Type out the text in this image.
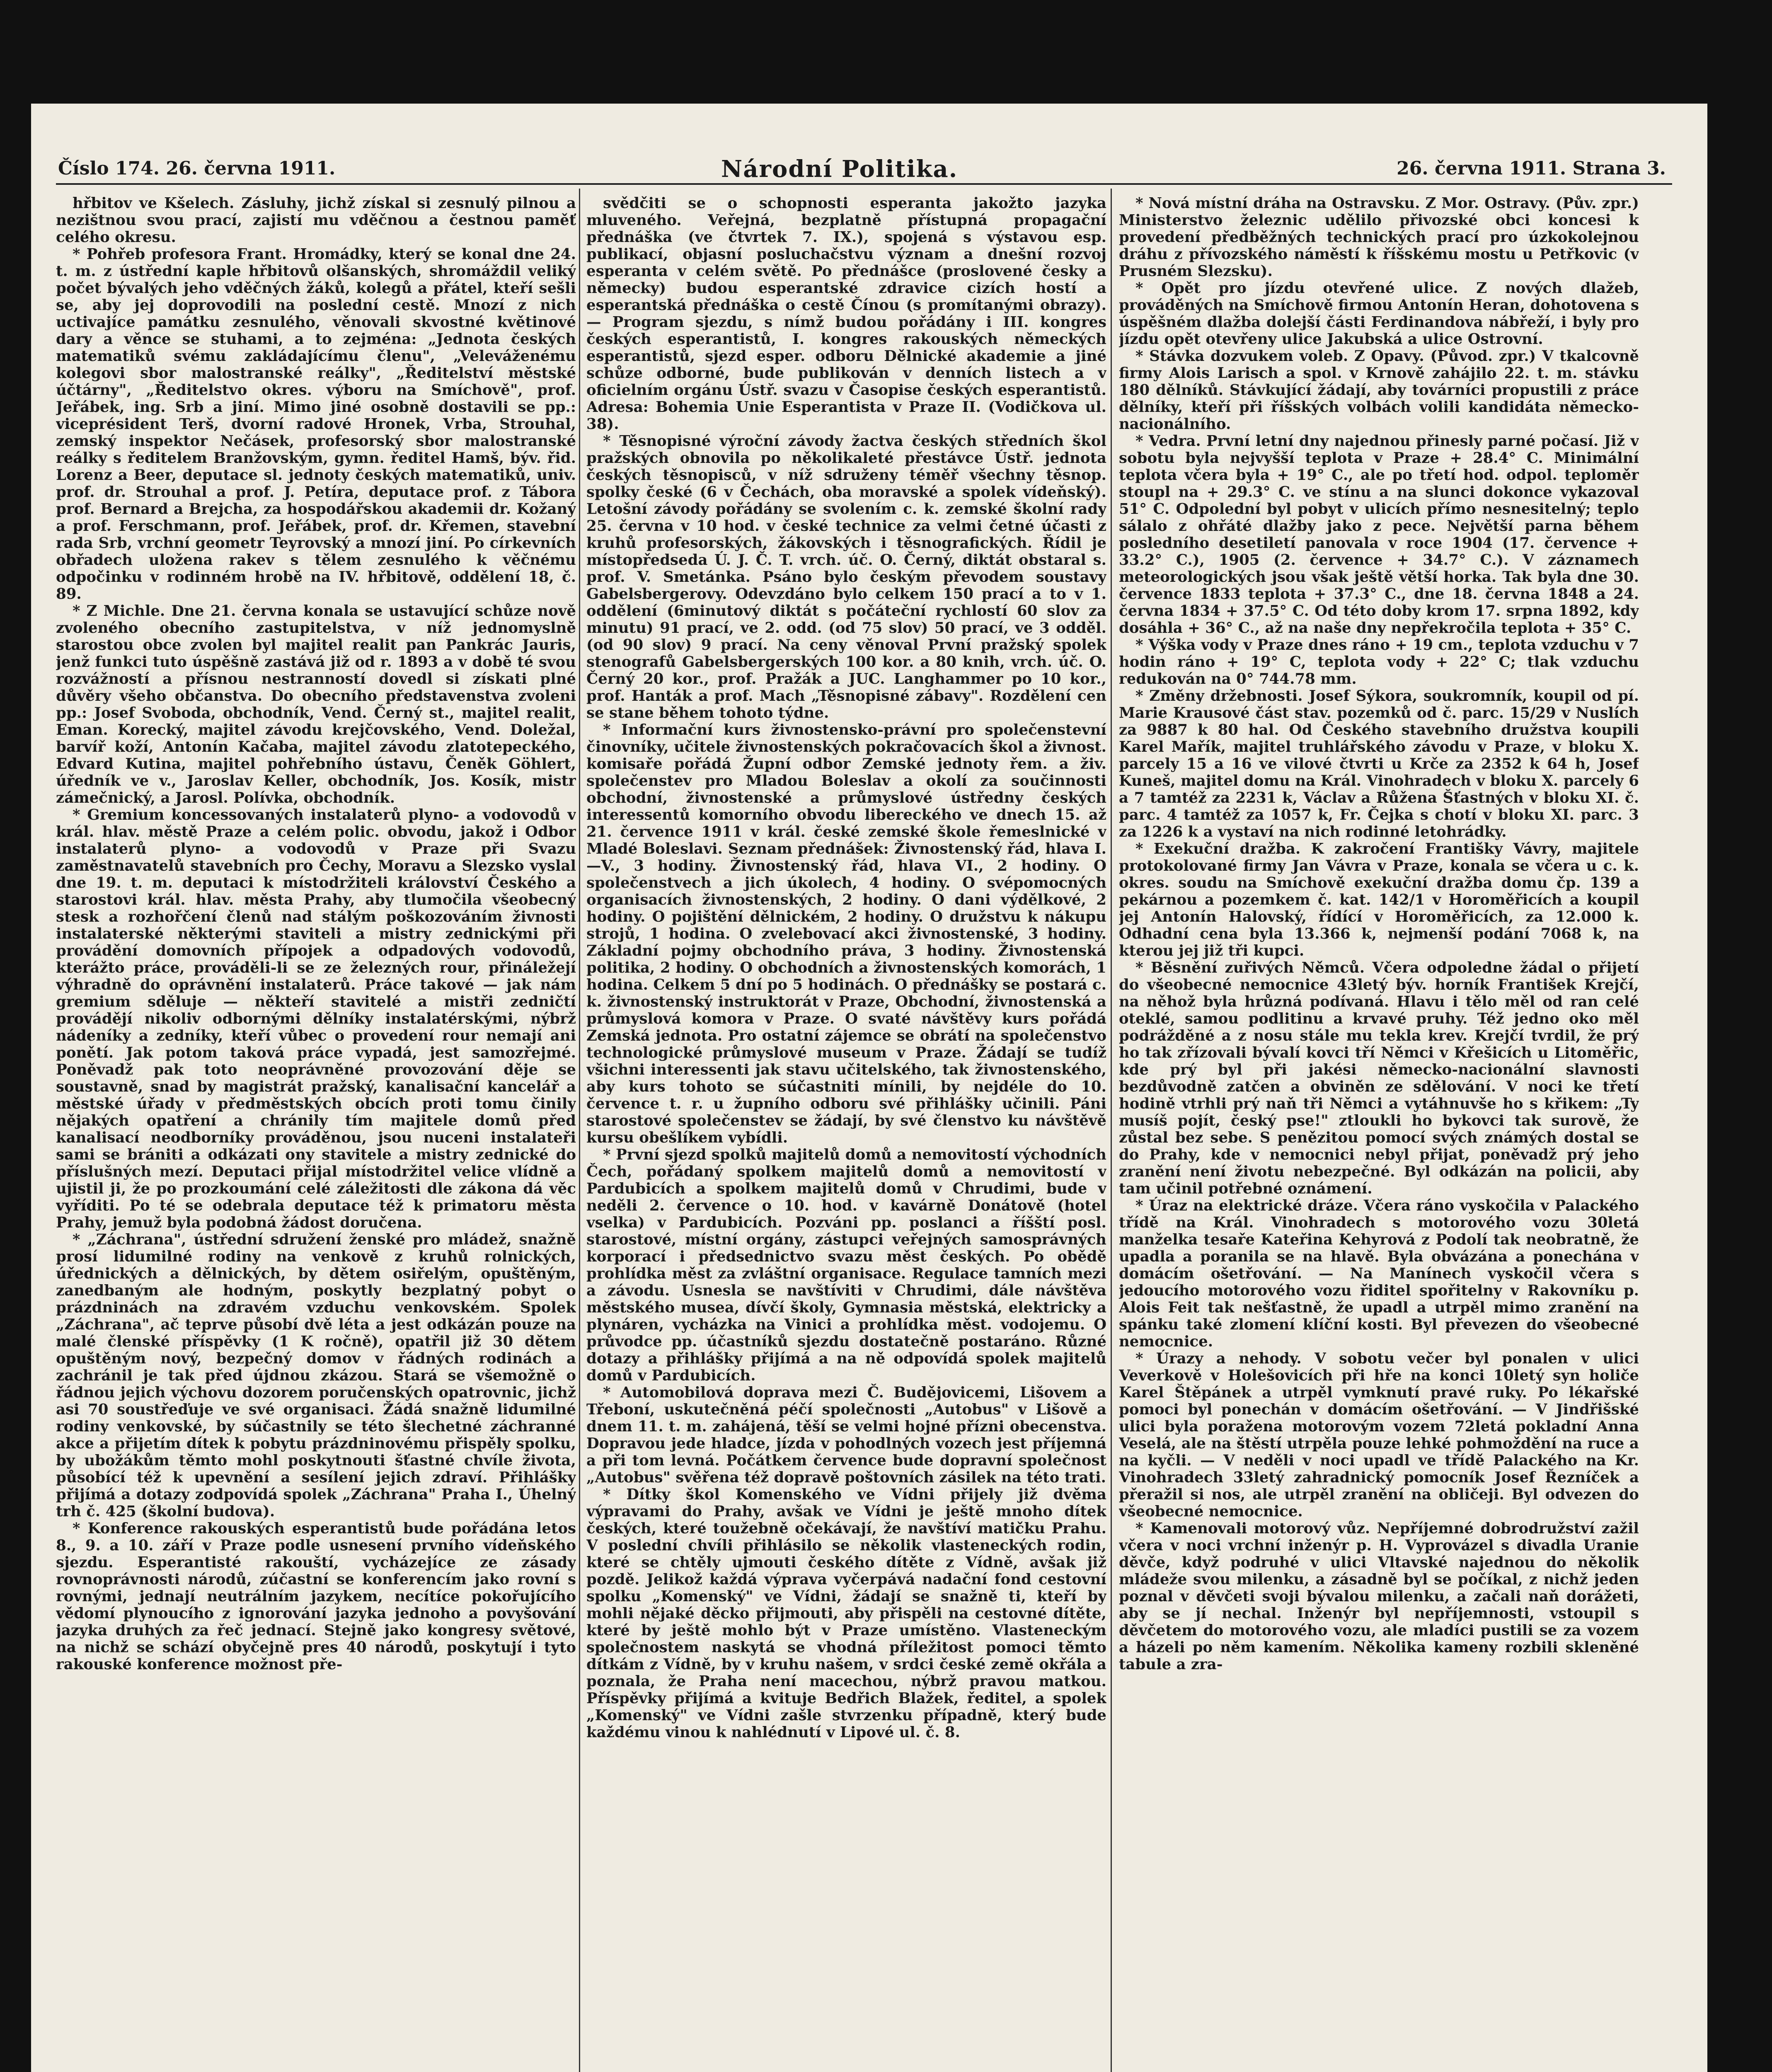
Číslo 174. 26. června 1911.	Národní Politika.	26. června 1911. Strana 3.

hřbitov ve Kšelech. Zásluhy, jichž získal si zesnulý pilnou a nezištnou svou prací, zajistí mu vděčnou a čestnou paměť celého okresu.

* Pohřeb profesora Frant. Hromádky, který se konal dne 24. t. m. z ústřední kaple hřbitovů olšanských, shromáždil veliký počet bývalých jeho vděčných žáků, kolegů a přátel, kteří sešli se, aby jej doprovodili na poslední cestě. Mnozí z nich uctivajíce památku zesnulého, věnovali skvostné květinové dary a věnce se stuhami, a to zejména: „Jednota českých matematiků svému zakládajícímu členu", „Veleváženému kolegovi sbor malostranské reálky", „Ředitelství městské účtárny", „Ředitelstvo okres. výboru na Smíchově", prof. Jeřábek, ing. Srb a jiní. Mimo jiné osobně dostavili se pp.: viceprésident Terš, dvorní radové Hronek, Vrba, Strouhal, zemský inspektor Nečásek, profesorský sbor malostranské reálky s ředitelem Branžovským, gymn. ředitel Hamš, býv. řid. Lorenz a Beer, deputace sl. jednoty českých matematiků, univ. prof. dr. Strouhal a prof. J. Petíra, deputace prof. z Tábora prof. Bernard a Brejcha, za hospodářskou akademii dr. Kožaný a prof. Ferschmann, prof. Jeřábek, prof. dr. Křemen, stavební rada Srb, vrchní geometr Teyrovský a mnozí jiní. Po církevních obřadech uložena rakev s tělem zesnulého k věčnému odpočinku v rodinném hrobě na IV. hřbitově, oddělení 18, č. 89.

* Z Michle. Dne 21. června konala se ustavující schůze nově zvoleného obecního zastupitelstva, v níž jednomyslně starostou obce zvolen byl majitel realit pan Pankrác Jauris, jenž funkci tuto úspěšně zastává již od r. 1893 a v době té svou rozvážností a přísnou nestranností dovedl si získati plné důvěry všeho občanstva. Do obecního představenstva zvoleni pp.: Josef Svoboda, obchodník, Vend. Černý st., majitel realit, Eman. Korecký, majitel závodu krejčovského, Vend. Doležal, barvíř koží, Antonín Kačaba, majitel závodu zlatotepeckého, Edvard Kutina, majitel pohřebního ústavu, Čeněk Göhlert, úředník ve v., Jaroslav Keller, obchodník, Jos. Kosík, mistr zámečnický, a Jarosl. Polívka, obchodník.

* Gremium koncessovaných instalaterů plyno- a vodovodů v král. hlav. městě Praze a celém polic. obvodu, jakož i Odbor instalaterů plyno- a vodovodů v Praze při Svazu zaměstnavatelů stavebních pro Čechy, Moravu a Slezsko vyslal dne 19. t. m. deputaci k místodržiteli království Českého a starostovi král. hlav. města Prahy, aby tlumočila všeobecný stesk a rozhořčení členů nad stálým poškozováním živnosti instalaterské některými staviteli a mistry zednickými při provádění domovních přípojek a odpadových vodovodů, kterážto práce, prováděli-li se ze železných rour, přináležejí výhradně do oprávnění instalaterů. Práce takové — jak nám gremium sděluje — někteří stavitelé a mistři zedničtí provádějí nikoliv odbornými dělníky instalatérskými, nýbrž nádeníky a zedníky, kteří vůbec o provedení rour nemají ani ponětí. Jak potom taková práce vypadá, jest samozřejmé. Poněvadž pak toto neoprávněné provozování děje se soustavně, snad by magistrát pražský, kanalisační kancelář a městské úřady v předměstských obcích proti tomu činily nějakých opatření a chránily tím majitele domů před kanalisací neodborníky prováděnou, jsou nuceni instalateři sami se brániti a odkázati ony stavitele a mistry zednické do příslušných mezí. Deputaci přijal místodržitel velice vlídně a ujistil ji, že po prozkoumání celé záležitosti dle zákona dá věc vyříditi. Po té se odebrala deputace též k primatoru města Prahy, jemuž byla podobná žádost doručena.

* „Záchrana", ústřední sdružení ženské pro mládež, snažně prosí lidumilné rodiny na venkově z kruhů rolnických, úřednických a dělnických, by dětem osiřelým, opuštěným, zanedbaným ale hodným, poskytly bezplatný pobyt o prázdninách na zdravém vzduchu venkovském. Spolek „Záchrana", ač teprve působí dvě léta a jest odkázán pouze na malé členské příspěvky (1 K ročně), opatřil již 30 dětem opuštěným nový, bezpečný domov v řádných rodinách a zachránil je tak před újdnou zkázou. Stará se všemožně o řádnou jejich výchovu dozorem poručenských opatrovnic, jichž asi 70 soustřeďuje ve své organisaci. Žádá snažně lidumilné rodiny venkovské, by súčastnily se této šlechetné záchranné akce a přijetím dítek k pobytu prázdninovému přispěly spolku, by ubožákům těmto mohl poskytnouti šťastné chvíle života, působící též k upevnění a sesílení jejich zdraví. Přihlášky přijímá a dotazy zodpovídá spolek „Záchrana" Praha I., Úhelný trh č. 425 (školní budova).

* Konference rakouských esperantistů bude pořádána letos 8., 9. a 10. září v Praze podle usnesení prvního vídeňského sjezdu. Esperantisté rakouští, vycházejíce ze zásady rovnoprávnosti národů, zúčastní se konferencím jako rovní s rovnými, jednají neutrálním jazykem, necítíce pokořujícího vědomí plynoucího z ignorování jazyka jednoho a povyšování jazyka druhých za řeč jednací. Stejně jako kongresy světové, na nichž se schází obyčejně pres 40 národů, poskytují i tyto rakouské konference možnost pře-

svědčiti se o schopnosti esperanta jakožto jazyka mluveného. Veřejná, bezplatně přístupná propagační přednáška (ve čtvrtek 7. IX.), spojená s výstavou esp. publikací, objasní posluchačstvu význam a dnešní rozvoj esperanta v celém světě. Po přednášce (proslovené česky a německy) budou esperantské zdravice cizích hostí a esperantská přednáška o cestě Čínou (s promítanými obrazy). — Program sjezdu, s nímž budou pořádány i III. kongres českých esperantistů, I. kongres rakouských německých esperantistů, sjezd esper. odboru Dělnické akademie a jiné schůze odborné, bude publikován v denních listech a v oficielním orgánu Ústř. svazu v Časopise českých esperantistů. Adresa: Bohemia Unie Esperantista v Praze II. (Vodičkova ul. 38).

* Těsnopisné výroční závody žactva českých středních škol pražských obnovila po několikaleté přestávce Ústř. jednota českých těsnopisců, v níž sdruženy téměř všechny těsnop. spolky české (6 v Čechách, oba moravské a spolek vídeňský). Letošní závody pořádány se svolením c. k. zemské školní rady 25. června v 10 hod. v české technice za velmi četné účasti z kruhů profesorských, žákovských i těsnografických. Řídil je místopředseda Ú. J. Č. T. vrch. úč. O. Černý, diktát obstaral s. prof. V. Smetánka. Psáno bylo českým převodem soustavy Gabelsbergerovy. Odevzdáno bylo celkem 150 prací a to v 1. oddělení (6minutový diktát s počáteční rychlostí 60 slov za minutu) 91 prací, ve 2. odd. (od 75 slov) 50 prací, ve 3 odděl. (od 90 slov) 9 prací. Na ceny věnoval První pražský spolek stenografů Gabelsbergerských 100 kor. a 80 knih, vrch. úč. O. Černý 20 kor., prof. Pražák a JUC. Langhammer po 10 kor., prof. Hanták a prof. Mach „Těsnopisné zábavy". Rozdělení cen se stane během tohoto týdne.

* Informační kurs živnostensko-právní pro společenstevní činovníky, učitele živnostenských pokračovacích škol a živnost. komisaře pořádá Župní odbor Zemské jednoty řem. a živ. společenstev pro Mladou Boleslav a okolí za součinnosti obchodní, živnostenské a průmyslové ústředny českých interessentů komorního obvodu libereckého ve dnech 15. až 21. července 1911 v král. české zemské škole řemeslnické v Mladé Boleslavi. Seznam přednášek: Živnostenský řád, hlava I.—V., 3 hodiny. Živnostenský řád, hlava VI., 2 hodiny. O společenstvech a jich úkolech, 4 hodiny. O svépomocných organisacích živnostenských, 2 hodiny. O dani výdělkové, 2 hodiny. O pojištění dělnickém, 2 hodiny. O družstvu k nákupu strojů, 1 hodina. O zvelebovací akci živnostenské, 3 hodiny. Základní pojmy obchodního práva, 3 hodiny. Živnostenská politika, 2 hodiny. O obchodních a živnostenských komorách, 1 hodina. Celkem 5 dní po 5 hodinách. O přednášky se postará c. k. živnostenský instruktorát v Praze, Obchodní, živnostenská a průmyslová komora v Praze. O svaté návštěvy kurs pořádá Zemská jednota. Pro ostatní zájemce se obrátí na společenstvo technologické průmyslové museum v Praze. Žádají se tudíž všichni interessenti jak stavu učitelského, tak živnostenského, aby kurs tohoto se súčastniti mínili, by nejdéle do 10. července t. r. u župního odboru své přihlášky učinili. Páni starostové společenstev se žádají, by své členstvo ku návštěvě kursu obešlíkem vybídli.

* První sjezd spolků majitelů domů a nemovitostí východních Čech, pořádaný spolkem majitelů domů a nemovitostí v Pardubicích a spolkem majitelů domů v Chrudimi, bude v neděli 2. července o 10. hod. v kavárně Donátově (hotel vselka) v Pardubicích. Pozváni pp. poslanci a říšští posl. starostové, místní orgány, zástupci veřejných samosprávných korporací i předsednictvo svazu měst českých. Po obědě prohlídka měst za zvláštní organisace. Regulace tamních mezi a závodu. Usnesla se navštíviti v Chrudimi, dále návštěva městského musea, dívčí školy, Gymnasia městská, elektricky a plynáren, vycházka na Vinici a prohlídka měst. vodojemu. O průvodce pp. účastníků sjezdu dostatečně postaráno. Různé dotazy a přihlášky přijímá a na ně odpovídá spolek majitelů domů v Pardubicích.

* Automobilová doprava mezi Č. Budějovicemi, Lišovem a Třeboní, uskutečněná péčí společnosti „Autobus" v Lišově a dnem 11. t. m. zahájená, těší se velmi hojné přízni obecenstva. Dopravou jede hladce, jízda v pohodlných vozech jest příjemná a při tom levná. Počátkem července bude dopravní společnost „Autobus" svěřena též dopravě poštovních zásilek na této trati.

* Dítky škol Komenského ve Vídni přijely již dvěma výpravami do Prahy, avšak ve Vídni je ještě mnoho dítek českých, které toužebně očekávají, že navštíví matičku Prahu. V poslední chvíli přihlásilo se několik vlasteneckých rodin, které se chtěly ujmouti českého dítěte z Vídně, avšak již pozdě. Jelikož každá výprava vyčerpává nadační fond cestovní spolku „Komenský" ve Vídni, žádají se snažně ti, kteří by mohli nějaké děcko přijmouti, aby přispěli na cestovné dítěte, které by ještě mohlo být v Praze umístěno. Vlasteneckým společnostem naskytá se vhodná příležitost pomoci těmto dítkám z Vídně, by v kruhu našem, v srdci české země okřála a poznala, že Praha není macechou, nýbrž pravou matkou. Příspěvky přijímá a kvituje Bedřich Blažek, ředitel, a spolek „Komenský" ve Vídni zašle stvrzenku případně, který bude každému vinou k nahlédnutí v Lipové ul. č. 8.

* Nová místní dráha na Ostravsku. Z Mor. Ostravy. (Pův. zpr.) Ministerstvo železnic udělilo přivozské obci koncesi k provedení předběžných technických prací pro úzkokolejnou dráhu z přívozského náměstí k říšskému mostu u Petřkovic (v Prusném Slezsku).

* Opět pro jízdu otevřené ulice. Z nových dlažeb, prováděných na Smíchově firmou Antonín Heran, dohotovena s úspěšném dlažba dolejší části Ferdinandova nábřeží, i byly pro jízdu opět otevřeny ulice Jakubská a ulice Ostrovní.

* Stávka dozvukem voleb. Z Opavy. (Původ. zpr.) V tkalcovně firmy Alois Larisch a spol. v Krnově zahájilo 22. t. m. stávku 180 dělníků. Stávkující žádají, aby továrníci propustili z práce dělníky, kteří při říšských volbách volili kandidáta německo-nacionálního.

* Vedra. První letní dny najednou přinesly parné počasí. Již v sobotu byla nejvyšší teplota v Praze + 28.4° C. Minimální teplota včera byla + 19° C., ale po třetí hod. odpol. teploměr stoupl na + 29.3° C. ve stínu a na slunci dokonce vykazoval 51° C. Odpolední byl pobyt v ulicích přímo nesnesitelný; teplo sálalo z ohřáté dlažby jako z pece. Největší parna během posledního desetiletí panovala v roce 1904 (17. července + 33.2° C.), 1905 (2. července + 34.7° C.). V záznamech meteorologických jsou však ještě větší horka. Tak byla dne 30. července 1833 teplota + 37.3° C., dne 18. června 1848 a 24. června 1834 + 37.5° C. Od této doby krom 17. srpna 1892, kdy dosáhla + 36° C., až na naše dny nepřekročila teplota + 35° C.

* Výška vody v Praze dnes ráno + 19 cm., teplota vzduchu v 7 hodin ráno + 19° C, teplota vody + 22° C; tlak vzduchu redukován na 0° 744.78 mm.

* Změny držebnosti. Josef Sýkora, soukromník, koupil od pí. Marie Krausové část stav. pozemků od č. parc. 15/29 v Nuslích za 9887 k 80 hal. Od Českého stavebního družstva koupili Karel Mařík, majitel truhlářského závodu v Praze, v bloku X. parcely 15 a 16 ve vilové čtvrti u Krče za 2352 k 64 h, Josef Kuneš, majitel domu na Král. Vinohradech v bloku X. parcely 6 a 7 tamtéž za 2231 k, Václav a Růžena Šťastných v bloku XI. č. parc. 4 tamtéž za 1057 k, Fr. Čejka s chotí v bloku XI. parc. 3 za 1226 k a vystaví na nich rodinné letohrádky.

* Exekuční dražba. K zakročení Františky Vávry, majitele protokolované firmy Jan Vávra v Praze, konala se včera u c. k. okres. soudu na Smíchově exekuční dražba domu čp. 139 a pekárnou a pozemkem č. kat. 142/1 v Horoměřicích a koupil jej Antonín Halovský, řídící v Horoměřicích, za 12.000 k. Odhadní cena byla 13.366 k, nejmenší podání 7068 k, na kterou jej již tři kupci.

* Běsnění zuřivých Němců. Včera odpoledne žádal o přijetí do všeobecné nemocnice 43letý býv. horník František Krejčí, na něhož byla hrůzná podívaná. Hlavu i tělo měl od ran celé oteklé, samou podlitinu a krvavé pruhy. Též jedno oko měl podrážděné a z nosu stále mu tekla krev. Krejčí tvrdil, že prý ho tak zřízovali bývalí kovci tří Němci v Křešicích u Litoměřic, kde prý byl při jakési německo-nacionální slavnosti bezdůvodně zatčen a obviněn ze sdělování. V noci ke třetí hodině vtrhli prý naň tři Němci a vytáhnuvše ho s křikem: „Ty musíš pojít, český pse!" ztloukli ho bykovci tak surově, že zůstal bez sebe. S penězitou pomocí svých známých dostal se do Prahy, kde v nemocnici nebyl přijat, poněvadž prý jeho zranění není životu nebezpečné. Byl odkázán na policii, aby tam učinil potřebné oznámení.

* Úraz na elektrické dráze. Včera ráno vyskočila v Palackého třídě na Král. Vinohradech s motorového vozu 30letá manželka tesaře Kateřina Kehyrová z Podolí tak neobratně, že upadla a poranila se na hlavě. Byla obvázána a ponechána v domácím ošetřování. — Na Manínech vyskočil včera s jedoucího motorového vozu řiditel spořitelny v Rakovníku p. Alois Feit tak nešťastně, že upadl a utrpěl mimo zranění na spánku také zlomení klíční kosti. Byl převezen do všeobecné nemocnice.

* Úrazy a nehody. V sobotu večer byl ponalen v ulici Veverkově v Holešovicích při hře na konci 10letý syn holiče Karel Štěpánek a utrpěl vymknutí pravé ruky. Po lékařské pomoci byl ponechán v domácím ošetřování. — V Jindřišské ulici byla poražena motorovým vozem 72letá pokladní Anna Veselá, ale na štěstí utrpěla pouze lehké pohmoždění na ruce a na kyčli. — V neděli v noci upadl ve třídě Palackého na Kr. Vinohradech 33letý zahradnický pomocník Josef Řezníček a přeražil si nos, ale utrpěl zranění na obličeji. Byl odvezen do všeobecné nemocnice.

* Kamenovali motorový vůz. Nepříjemné dobrodružství zažil včera v noci vrchní inženýr p. H. Vyprovázel s divadla Uranie děvče, když podruhé v ulici Vltavské najednou do několik mládeže svou milenku, a zásadně byl se počíkal, z nichž jeden poznal v děvčeti svoji bývalou milenku, a začali naň dorážeti, aby se jí nechal. Inženýr byl nepříjemnosti, vstoupil s děvčetem do motorového vozu, ale mladíci pustili se za vozem a házeli po něm kamením. Několika kameny rozbili skleněné tabule a zra-
